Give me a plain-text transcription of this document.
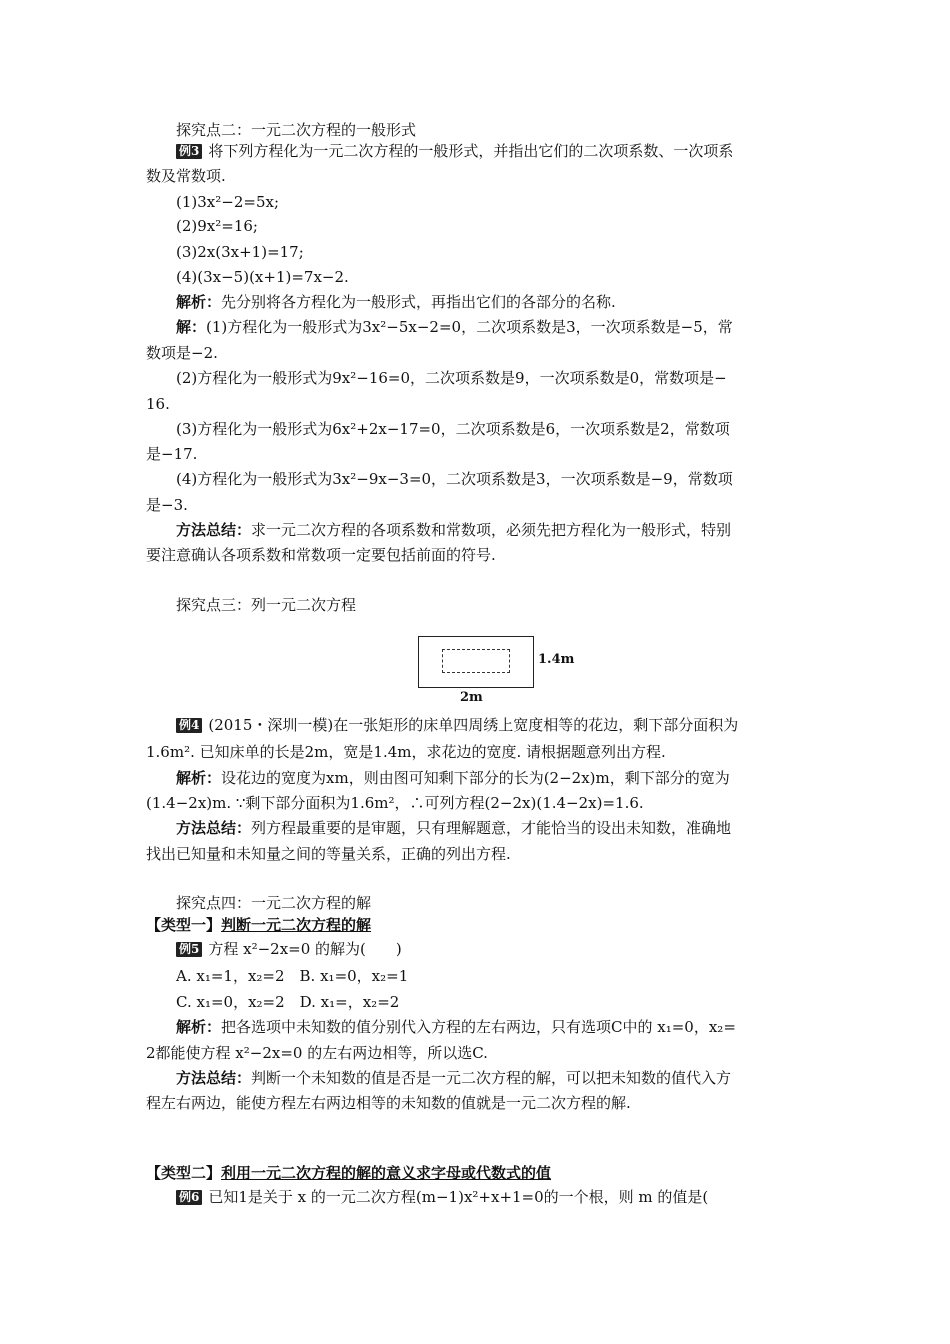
探究点二：一元二次方程的一般形式
例3 将下列方程化为一元二次方程的一般形式，并指出它们的二次项系数、一次项系
数及常数项.
(1)3x²−2=5x;
(2)9x²=16;
(3)2x(3x+1)=17;
(4)(3x−5)(x+1)=7x−2.
解析：先分别将各方程化为一般形式，再指出它们的各部分的名称.
解：(1)方程化为一般形式为3x²−5x−2=0，二次项系数是3，一次项系数是−5，常
数项是−2.
(2)方程化为一般形式为9x²−16=0，二次项系数是9，一次项系数是0，常数项是−
16.
(3)方程化为一般形式为6x²+2x−17=0，二次项系数是6，一次项系数是2，常数项
是−17.
(4)方程化为一般形式为3x²−9x−3=0，二次项系数是3，一次项系数是−9，常数项
是−3.
方法总结：求一元二次方程的各项系数和常数项，必须先把方程化为一般形式，特别
要注意确认各项系数和常数项一定要包括前面的符号.
探究点三：列一元二次方程
1.4m
2m
例4 (2015・深圳一模)在一张矩形的床单四周绣上宽度相等的花边，剩下部分面积为
1.6m². 已知床单的长是2m，宽是1.4m，求花边的宽度. 请根据题意列出方程.
解析：设花边的宽度为xm，则由图可知剩下部分的长为(2−2x)m，剩下部分的宽为
(1.4−2x)m. ∵剩下部分面积为1.6m²，∴可列方程(2−2x)(1.4−2x)=1.6.
方法总结：列方程最重要的是审题，只有理解题意，才能恰当的设出未知数，准确地
找出已知量和未知量之间的等量关系，正确的列出方程.
探究点四：一元二次方程的解
【类型一】判断一元二次方程的解
例5 方程 x²−2x=0 的解为(　　)
A. x₁=1，x₂=2　B. x₁=0，x₂=1
C. x₁=0，x₂=2　D. x₁=，x₂=2
解析：把各选项中未知数的值分别代入方程的左右两边，只有选项C中的 x₁=0，x₂=
2都能使方程 x²−2x=0 的左右两边相等，所以选C.
方法总结：判断一个未知数的值是否是一元二次方程的解，可以把未知数的值代入方
程左右两边，能使方程左右两边相等的未知数的值就是一元二次方程的解.
【类型二】利用一元二次方程的解的意义求字母或代数式的值
例6 已知1是关于 x 的一元二次方程(m−1)x²+x+1=0的一个根，则 m 的值是(
